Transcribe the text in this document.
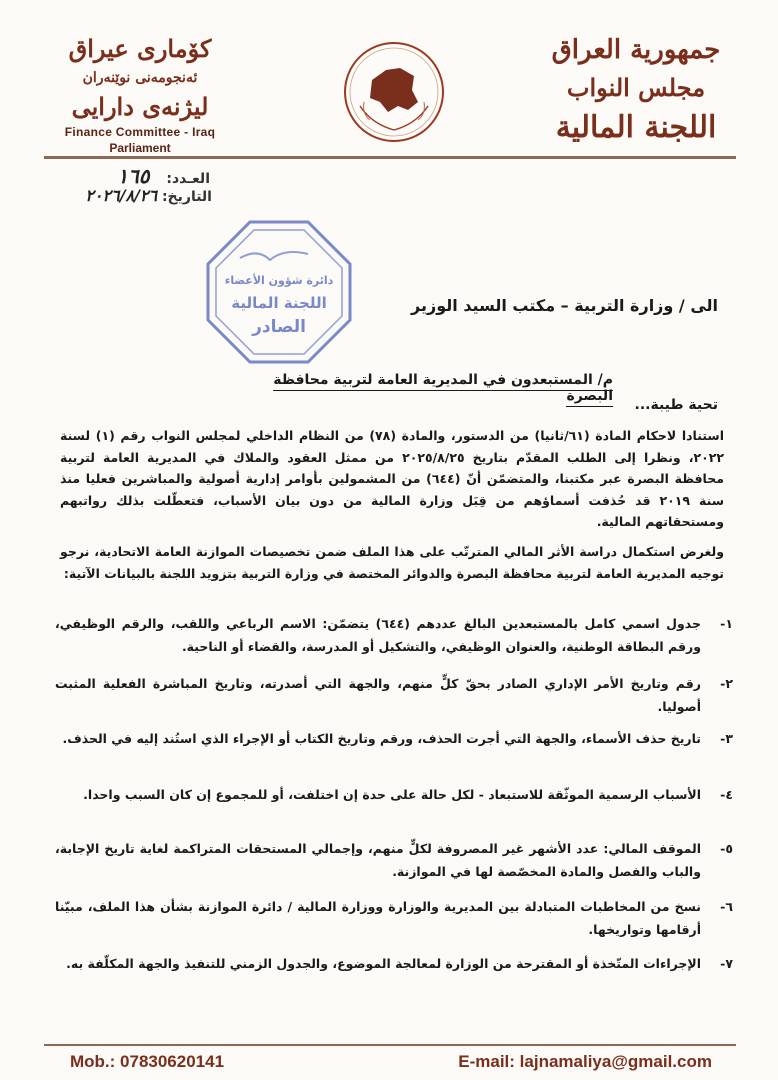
جمهورية العراق
مجلس النواب
اللجنة المالية
کۆماری عیراق
ئەنجومەنی نوێنەران
لیژنەی دارایی
Finance Committee - Iraq
Parliament
العـدد: ١٦٥
التاريخ: ٢٠٢٦/٨/٢٦
دائرة شؤون الأعضاء
اللجنة المالية
الصادر
الى / وزارة التربية – مكتب السيد الوزير
م/ المستبعدون في المديرية العامة لتربية محافظة البصرة
تحية طيبة...
استنادا لاحكام المادة (٦١/ثانيا) من الدستور، والمادة (٧٨) من النظام الداخلي لمجلس النواب رقم (١) لسنة ٢٠٢٢، ونظرا إلى الطلب المقدّم بتاريخ ٢٠٢٥/٨/٢٥ من ممثل العقود والملاك في المديرية العامة لتربية محافظة البصرة عبر مكتبنا، والمتضمّن أنّ (٦٤٤) من المشمولين بأوامر إدارية أصولية والمباشرين فعليا منذ سنة ٢٠١٩ قد حُذفت أسماؤهم من قِبَل وزارة المالية من دون بيان الأسباب، فتعطّلت بذلك رواتبهم ومستحقاتهم المالية.
ولغرض استكمال دراسة الأثر المالي المترتّب على هذا الملف ضمن تخصيصات الموازنة العامة الاتحادية، نرجو توجيه المديرية العامة لتربية محافظة البصرة والدوائر المختصة في وزارة التربية بتزويد اللجنة بالبيانات الآتية:
١-
جدول اسمي كامل بالمستبعدين البالغ عددهم (٦٤٤) يتضمّن: الاسم الرباعي واللقب، والرقم الوظيفي، ورقم البطاقة الوطنية، والعنوان الوظيفي، والتشكيل أو المدرسة، والقضاء أو الناحية.
٢-
رقم وتاريخ الأمر الإداري الصادر بحقّ كلٍّ منهم، والجهة التي أصدرته، وتاريخ المباشرة الفعلية المثبت أصوليا.
٣-
تاريخ حذف الأسماء، والجهة التي أجرت الحذف، ورقم وتاريخ الكتاب أو الإجراء الذي استُند إليه في الحذف.
٤-
الأسباب الرسمية الموثّقة للاستبعاد - لكل حالة على حدة إن اختلفت، أو للمجموع إن كان السبب واحدا.
٥-
الموقف المالي: عدد الأشهر غير المصروفة لكلٍّ منهم، وإجمالي المستحقات المتراكمة لغاية تاريخ الإجابة، والباب والفصل والمادة المخصّصة لها في الموازنة.
٦-
نسخ من المخاطبات المتبادلة بين المديرية والوزارة ووزارة المالية / دائرة الموازنة بشأن هذا الملف، مبيّنا أرقامها وتواريخها.
٧-
الإجراءات المتّخذة أو المقترحة من الوزارة لمعالجة الموضوع، والجدول الزمني للتنفيذ والجهة المكلّفة به.
Mob.: 07830620141	E-mail: lajnamaliya@gmail.com
